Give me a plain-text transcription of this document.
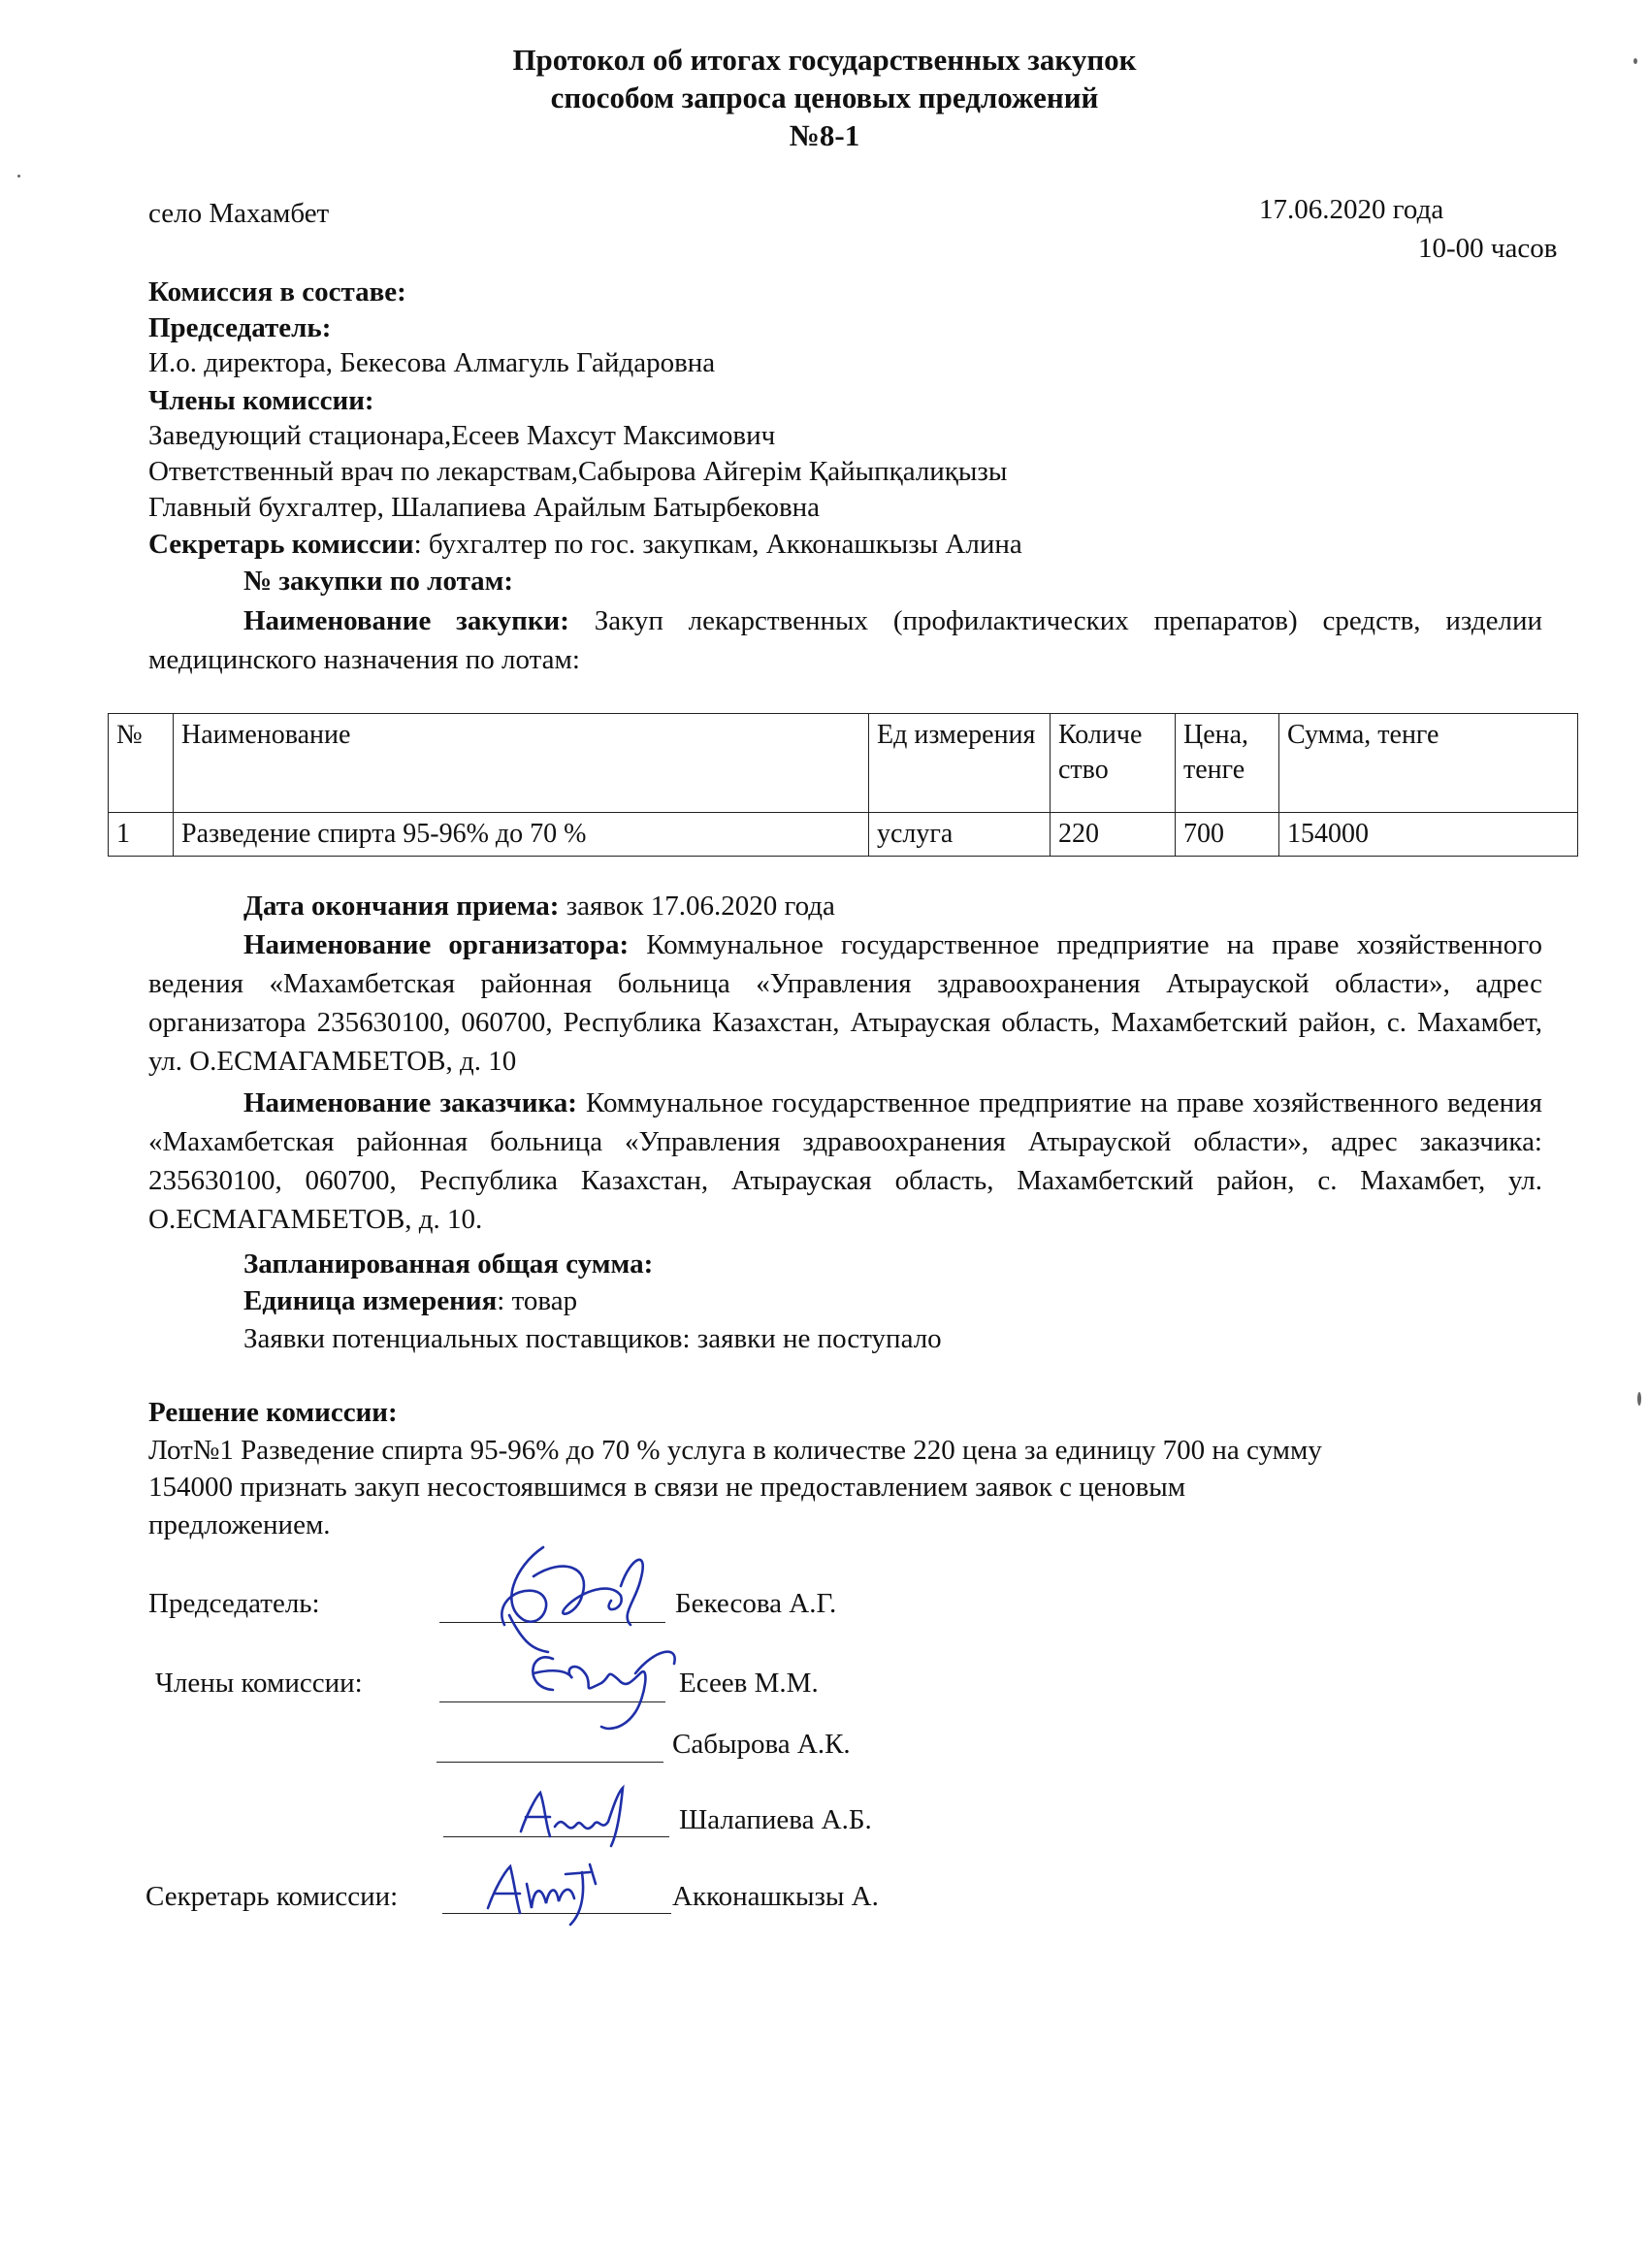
Протокол об итогах государственных закупок
способом запроса ценовых предложений
№8-1
село Махамбет	17.06.2020 года
10-00 часов
Комиссия в составе:
Председатель:
И.о. директора, Бекесова Алмагуль Гайдаровна
Члены комиссии:
Заведующий стационара,Есеев Махсут Максимович
Ответственный врач по лекарствам,Сабырова Айгерім Қайыпқалиқызы
Главный бухгалтер, Шалапиева Арайлым Батырбековна
Секретарь комиссии: бухгалтер по гос. закупкам, Акконашкызы Алина
№ закупки по лотам:
Наименование закупки: Закуп лекарственных (профилактических препаратов) средств, изделии медицинского назначения по лотам:
№	Наименование	Ед измерения	Количе ство	Цена, тенге	Сумма, тенге
1	Разведение спирта 95-96% до 70 %	услуга	220	700	154000
Дата окончания приема: заявок 17.06.2020 года
Наименование организатора: Коммунальное государственное предприятие на праве хозяйственного ведения «Махамбетская районная больница «Управления здравоохранения Атырауской области», адрес организатора 235630100, 060700, Республика Казахстан, Атырауская область, Махамбетский район, с. Махамбет, ул. О.ЕСМАГАМБЕТОВ, д. 10
Наименование заказчика: Коммунальное государственное предприятие на праве хозяйственного ведения «Махамбетская районная больница «Управления здравоохранения Атырауской области», адрес заказчика: 235630100, 060700, Республика Казахстан, Атырауская область, Махамбетский район, с. Махамбет, ул. О.ЕСМАГАМБЕТОВ, д. 10.
Запланированная общая сумма:
Единица измерения: товар
Заявки потенциальных поставщиков: заявки не поступало
Решение комиссии:
Лот№1 Разведение спирта 95-96% до 70 % услуга в количестве 220 цена за единицу 700 на сумму
154000 признать закуп несостоявшимся в связи не предоставлением заявок с ценовым
предложением.
Председатель:	Бекесова А.Г.
Члены комиссии:	Есеев М.М.
Сабырова А.К.
Шалапиева А.Б.
Секретарь комиссии:	Акконашкызы А.
